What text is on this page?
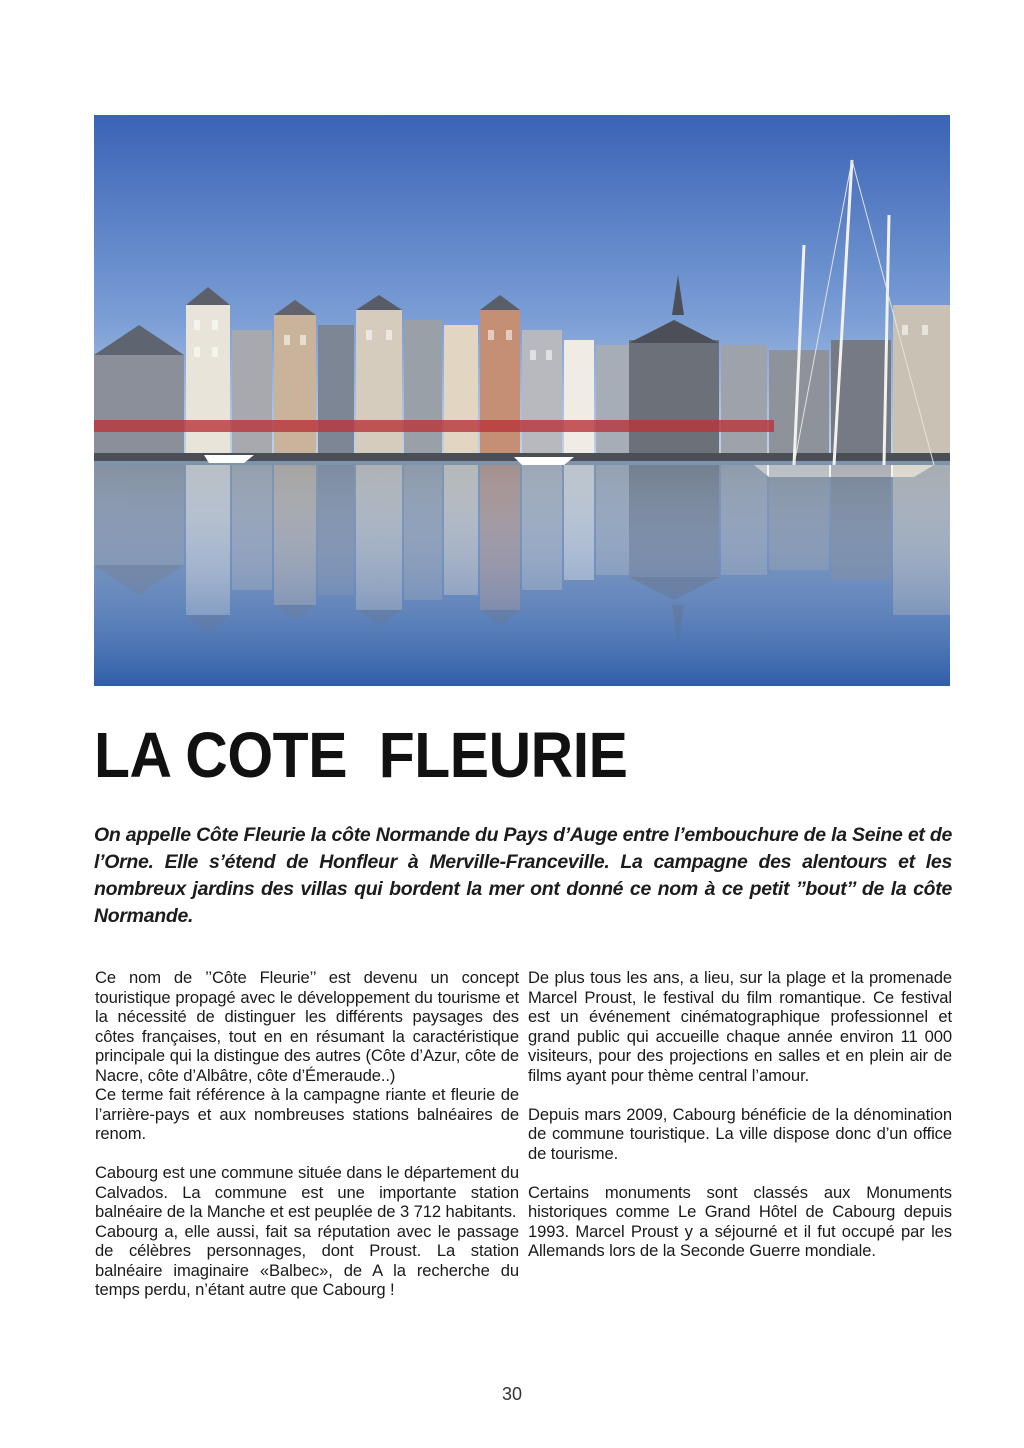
LA COTE  FLEURIE

On appelle Côte Fleurie la côte Normande du Pays d’Auge entre l’embouchure de la Seine et de l’Orne. Elle s’étend de Honfleur à Merville-Franceville. La campagne des alentours et les nombreux jardins des villas qui bordent la mer ont donné ce nom à ce petit ’’bout’’ de la côte Normande.

Ce nom de ’’Côte Fleurie’’ est devenu un concept touristique propagé avec le développement du tourisme et la nécessité de distinguer les différents paysages des côtes françaises, tout en en résumant la caractéristique principale qui la distingue des autres (Côte d’Azur, côte de Nacre, côte d’Albâtre, côte d’Émeraude..)

Ce terme fait référence à la campagne riante et fleurie de l’arrière-pays et aux nombreuses stations balnéaires de renom.

Cabourg est une commune située dans le département du Calvados. La commune est une importante station balnéaire de la Manche et est peuplée de 3 712 habitants.

Cabourg a, elle aussi, fait sa réputation avec le passage de célèbres personnages, dont Proust. La station balnéaire imaginaire «Balbec», de A la recherche du temps perdu, n’étant autre que Cabourg !

De plus tous les ans, a lieu, sur la plage et la promenade Marcel Proust, le festival du film romantique. Ce festival est un événement cinématographique professionnel et grand public qui accueille chaque année environ 11 000 visiteurs, pour des projections en salles et en plein air de films ayant pour thème central l’amour.

Depuis mars 2009, Cabourg bénéficie de la dénomination de commune touristique. La ville dispose donc d’un office de tourisme.

Certains monuments sont classés aux Monuments historiques comme Le Grand Hôtel de Cabourg depuis 1993. Marcel Proust y a séjourné et il fut occupé par les Allemands lors de la Seconde Guerre mondiale.

30
